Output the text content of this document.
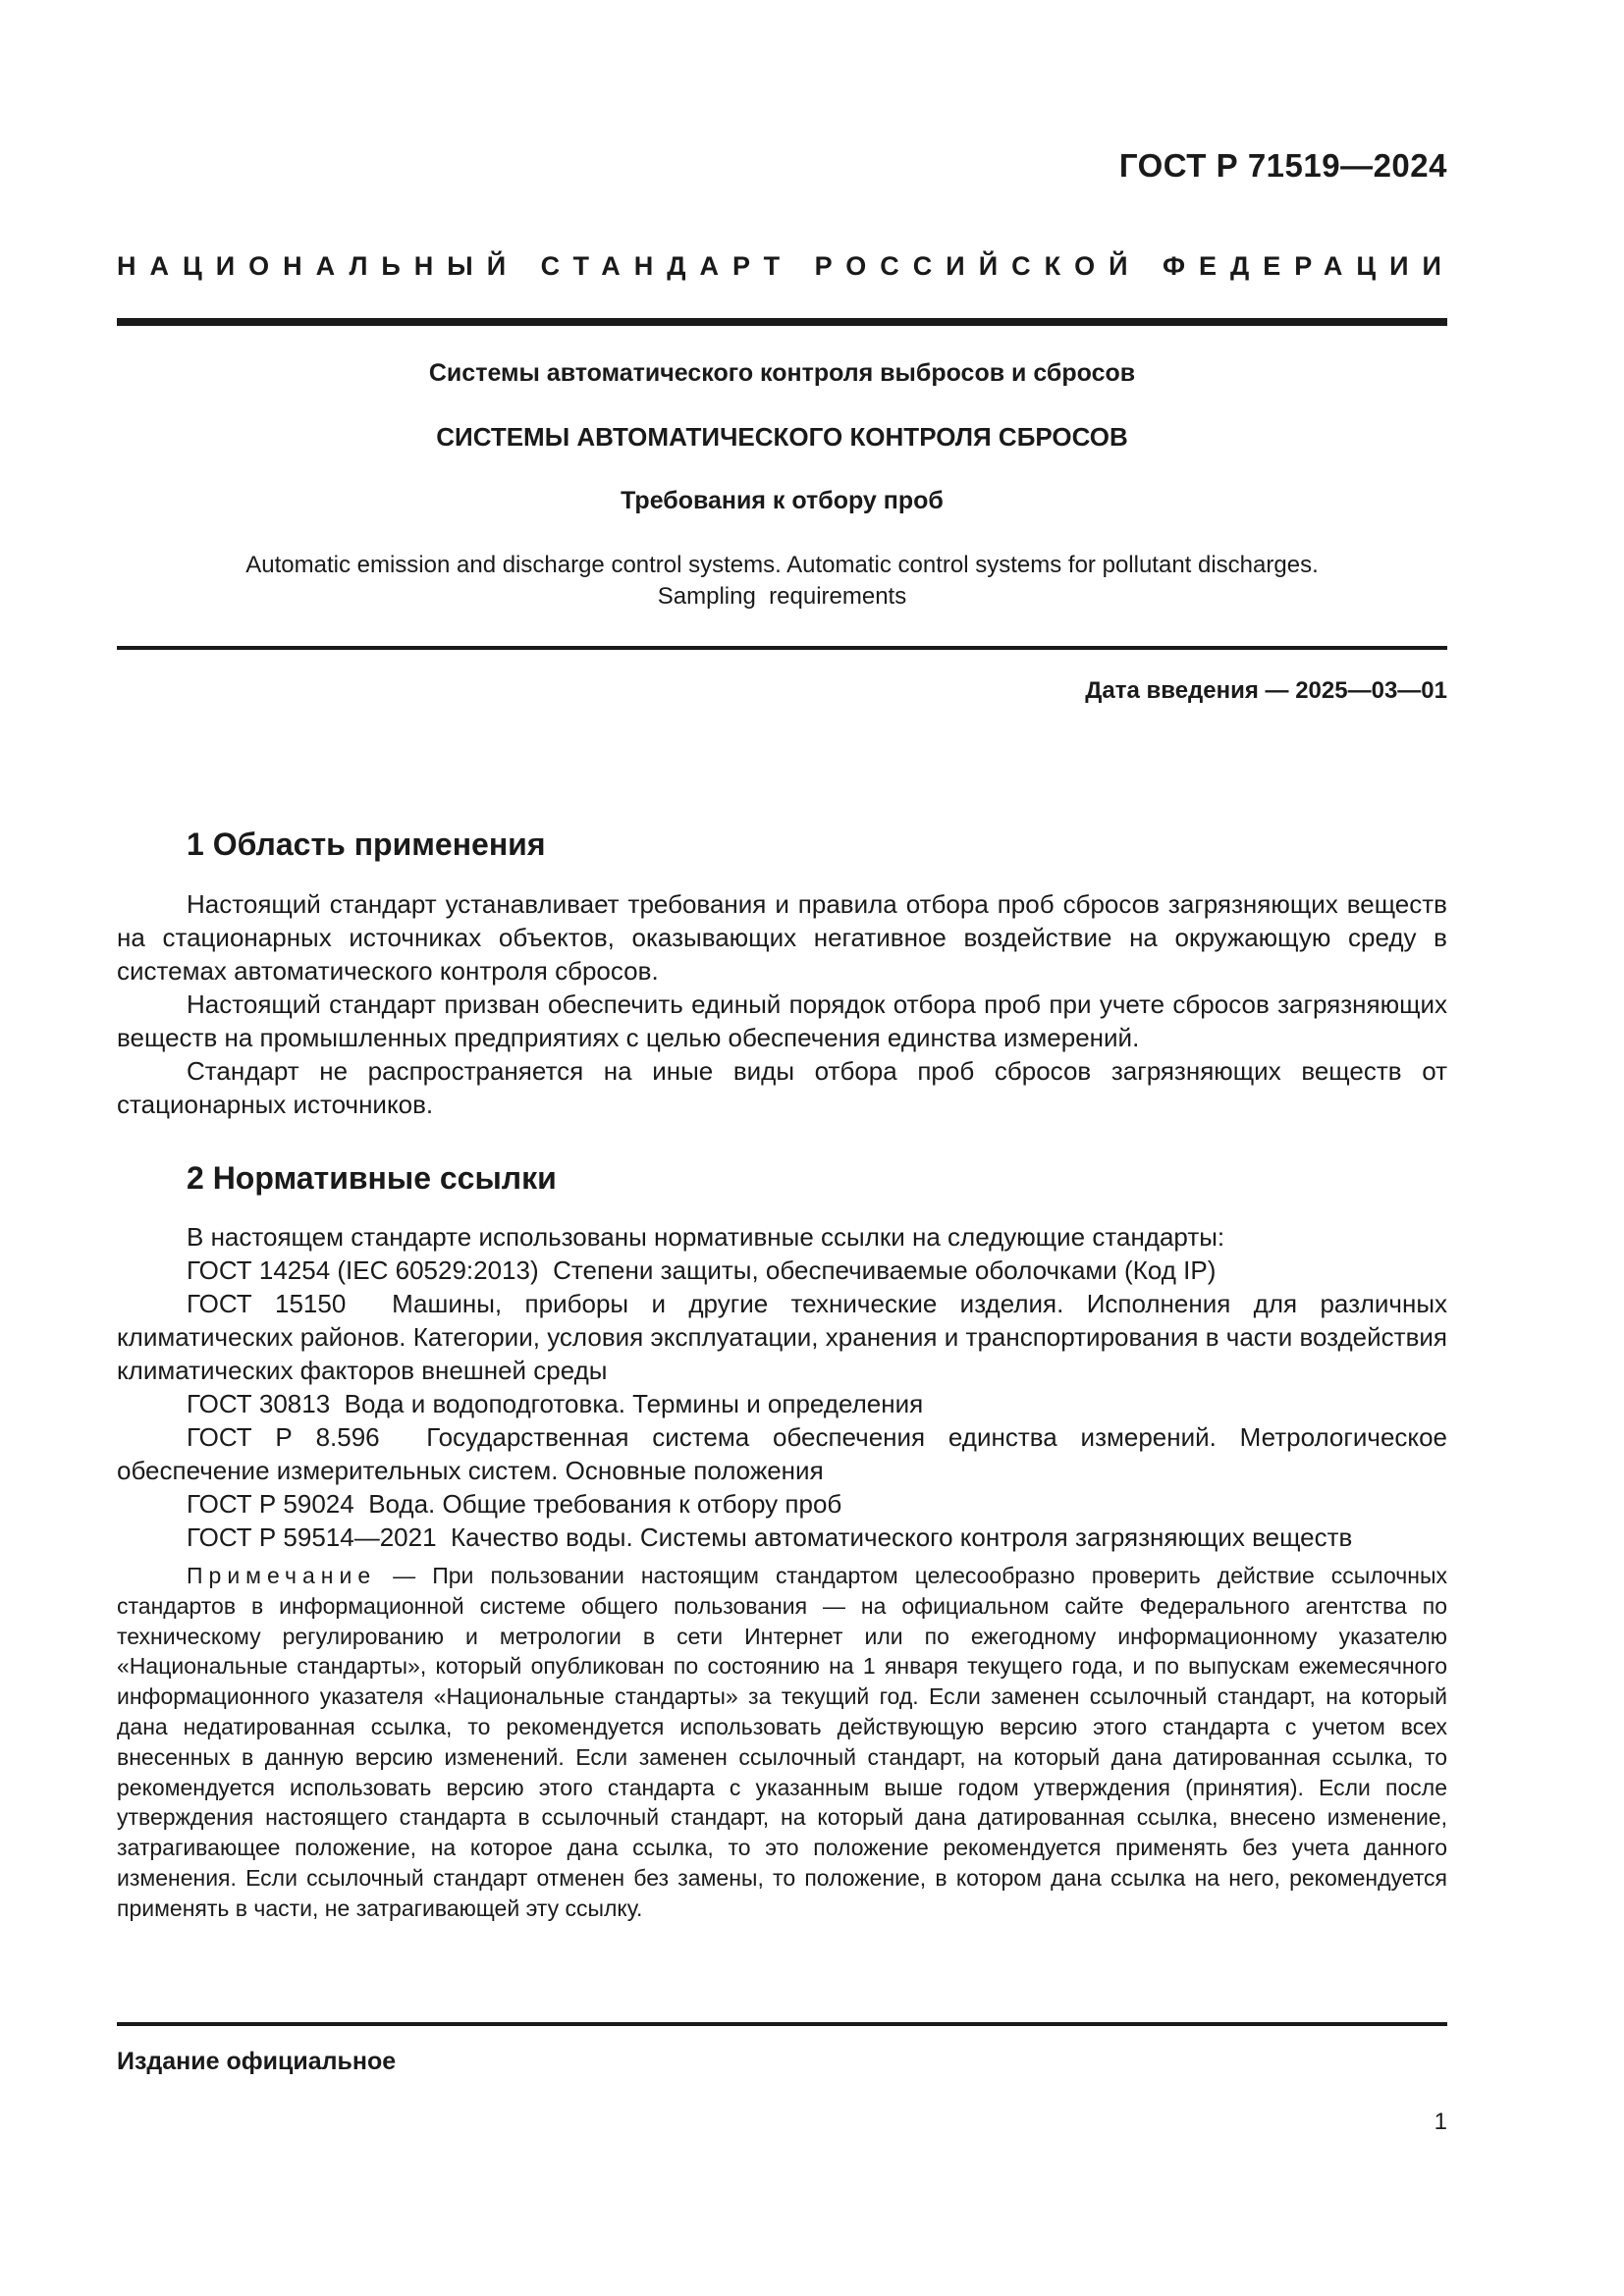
ГОСТ Р 71519—2024
НАЦИОНАЛЬНЫЙ СТАНДАРТ РОССИЙСКОЙ ФЕДЕРАЦИИ
Системы автоматического контроля выбросов и сбросов
СИСТЕМЫ АВТОМАТИЧЕСКОГО КОНТРОЛЯ СБРОСОВ
Требования к отбору проб
Automatic emission and discharge control systems. Automatic control systems for pollutant discharges.
Sampling  requirements
Дата введения — 2025—03—01
1 Область применения

Настоящий стандарт устанавливает требования и правила отбора проб сбросов загрязняющих веществ на стационарных источниках объектов, оказывающих негативное воздействие на окружающую среду в системах автоматического контроля сбросов.

Настоящий стандарт призван обеспечить единый порядок отбора проб при учете сбросов загрязняющих веществ на промышленных предприятиях с целью обеспечения единства измерений.

Стандарт не распространяется на иные виды отбора проб сбросов загрязняющих веществ от стационарных источников.

2 Нормативные ссылки

В настоящем стандарте использованы нормативные ссылки на следующие стандарты:

ГОСТ 14254 (IEC 60529:2013) Степени защиты, обеспечиваемые оболочками (Код IP)

ГОСТ 15150 Машины, приборы и другие технические изделия. Исполнения для различных климатических районов. Категории, условия эксплуатации, хранения и транспортирования в части воздействия климатических факторов внешней среды

ГОСТ 30813 Вода и водоподготовка. Термины и определения

ГОСТ Р 8.596 Государственная система обеспечения единства измерений. Метрологическое обеспечение измерительных систем. Основные положения

ГОСТ Р 59024 Вода. Общие требования к отбору проб

ГОСТ Р 59514—2021 Качество воды. Системы автоматического контроля загрязняющих веществ

Примечание — При пользовании настоящим стандартом целесообразно проверить действие ссылочных стандартов в информационной системе общего пользования — на официальном сайте Федерального агентства по техническому регулированию и метрологии в сети Интернет или по ежегодному информационному указателю «Национальные стандарты», который опубликован по состоянию на 1 января текущего года, и по выпускам ежемесячного информационного указателя «Национальные стандарты» за текущий год. Если заменен ссылочный стандарт, на который дана недатированная ссылка, то рекомендуется использовать действующую версию этого стандарта с учетом всех внесенных в данную версию изменений. Если заменен ссылочный стандарт, на который дана датированная ссылка, то рекомендуется использовать версию этого стандарта с указанным выше годом утверждения (принятия). Если после утверждения настоящего стандарта в ссылочный стандарт, на который дана датированная ссылка, внесено изменение, затрагивающее положение, на которое дана ссылка, то это положение рекомендуется применять без учета данного изменения. Если ссылочный стандарт отменен без замены, то положение, в котором дана ссылка на него, рекомендуется применять в части, не затрагивающей эту ссылку.

Издание официальное
1
